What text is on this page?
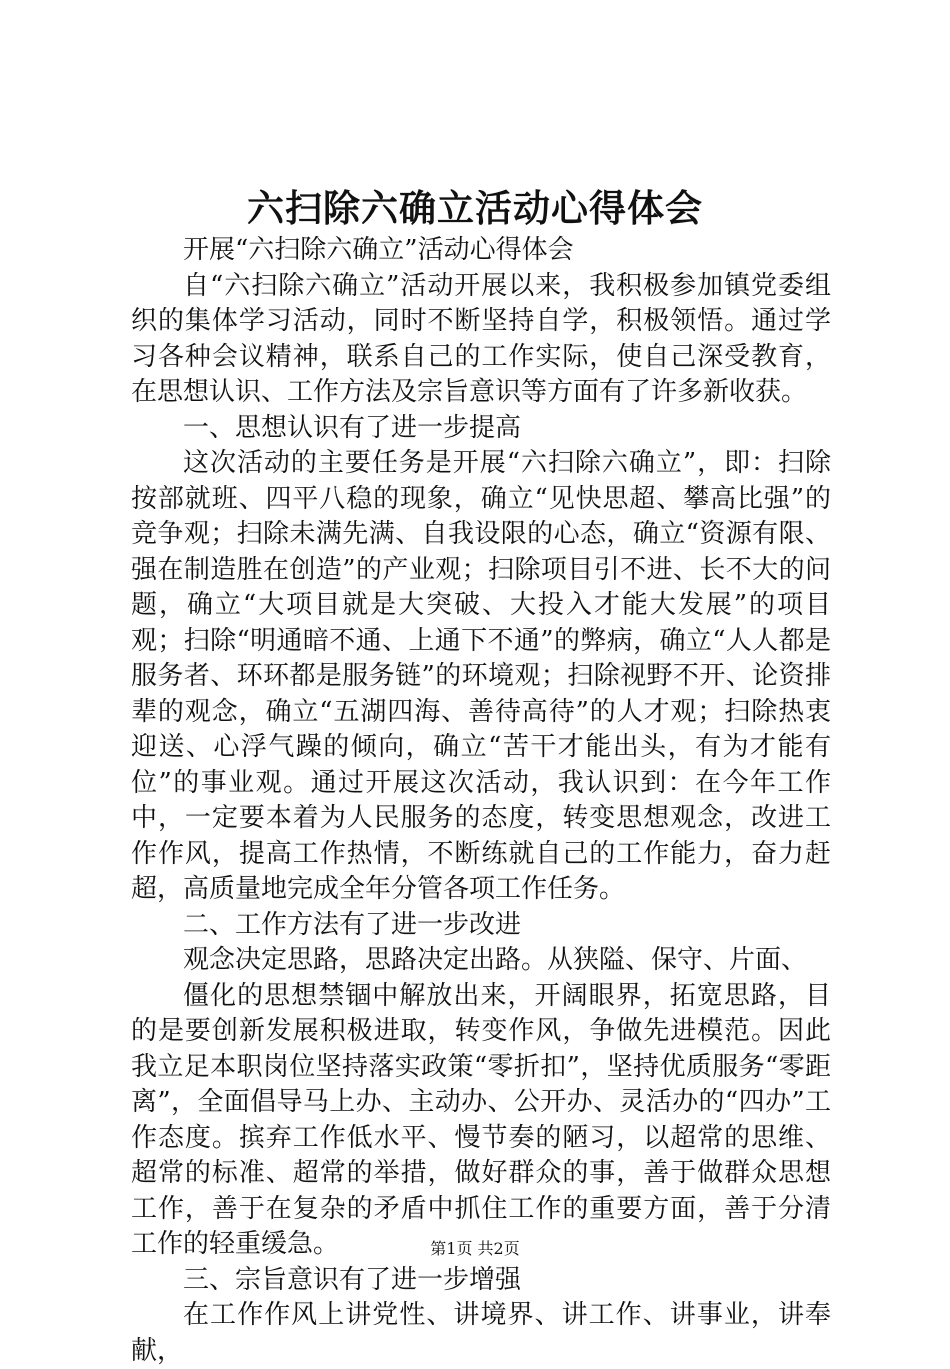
六扫除六确立活动心得体会

开展“六扫除六确立”活动心得体会

自“六扫除六确立”活动开展以来，我积极参加镇党委组织的集体学习活动，同时不断坚持自学，积极领悟。通过学习各种会议精神，联系自己的工作实际，使自己深受教育，在思想认识、工作方法及宗旨意识等方面有了许多新收获。

一、思想认识有了进一步提高

这次活动的主要任务是开展“六扫除六确立”，即：扫除按部就班、四平八稳的现象，确立“见快思超、攀高比强”的竞争观；扫除未满先满、自我设限的心态，确立“资源有限、强在制造胜在创造”的产业观；扫除项目引不进、长不大的问题，确立“大项目就是大突破、大投入才能大发展”的项目观；扫除“明通暗不通、上通下不通”的弊病，确立“人人都是服务者、环环都是服务链”的环境观；扫除视野不开、论资排辈的观念，确立“五湖四海、善待高待”的人才观；扫除热衷迎送、心浮气躁的倾向，确立“苦干才能出头，有为才能有位”的事业观。通过开展这次活动，我认识到：在今年工作中，一定要本着为人民服务的态度，转变思想观念，改进工作作风，提高工作热情，不断练就自己的工作能力，奋力赶超，高质量地完成全年分管各项工作任务。

二、工作方法有了进一步改进

观念决定思路，思路决定出路。从狭隘、保守、片面、

僵化的思想禁锢中解放出来，开阔眼界，拓宽思路，目的是要创新发展积极进取，转变作风，争做先进模范。因此我立足本职岗位坚持落实政策“零折扣”，坚持优质服务“零距离”，全面倡导马上办、主动办、公开办、灵活办的“四办”工作态度。摈弃工作低水平、慢节奏的陋习，以超常的思维、超常的标准、超常的举措，做好群众的事，善于做群众思想工作，善于在复杂的矛盾中抓住工作的重要方面，善于分清工作的轻重缓急。

三、宗旨意识有了进一步增强

在工作作风上讲党性、讲境界、讲工作、讲事业，讲奉献，

第1页 共2页
